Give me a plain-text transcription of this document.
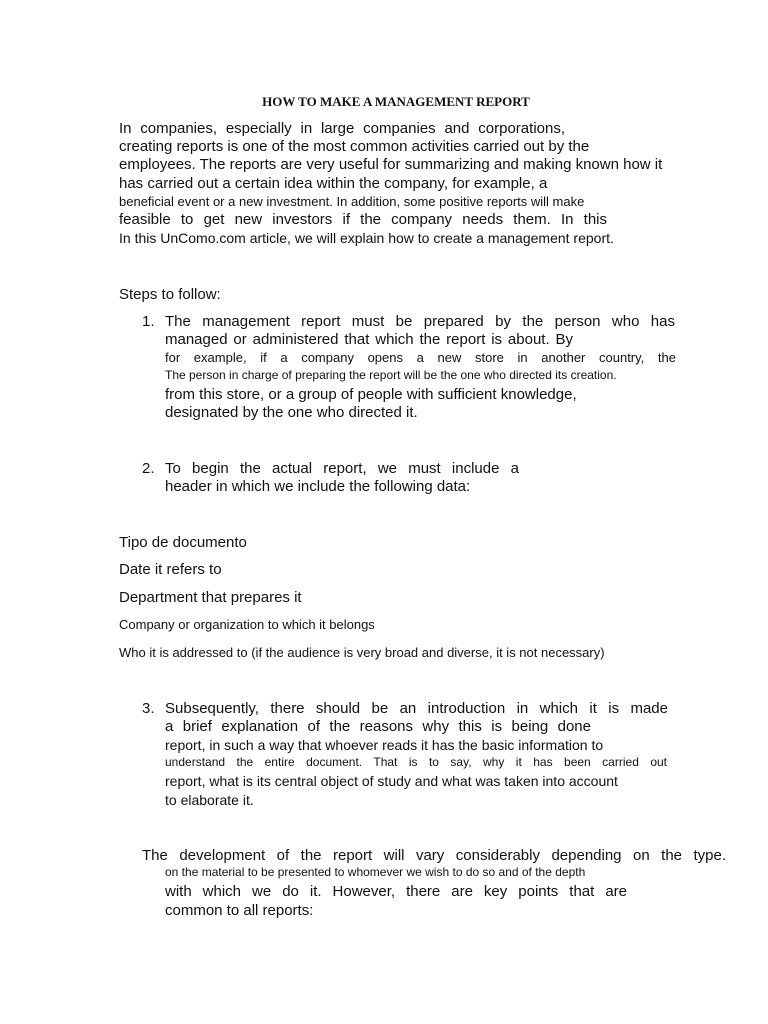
HOW TO MAKE A MANAGEMENT REPORT
In companies, especially in large companies and corporations,
creating reports is one of the most common activities carried out by the
employees. The reports are very useful for summarizing and making known how it
has carried out a certain idea within the company, for example, a
beneficial event or a new investment. In addition, some positive reports will make
feasible to get new investors if the company needs them. In this
In this UnComo.com article, we will explain how to create a management report.
Steps to follow:
1. The management report must be prepared by the person who has
managed or administered that which the report is about. By
for example, if a company opens a new store in another country, the
The person in charge of preparing the report will be the one who directed its creation.
from this store, or a group of people with sufficient knowledge,
designated by the one who directed it.
2. To begin the actual report, we must include a
header in which we include the following data:
Tipo de documento
Date it refers to
Department that prepares it
Company or organization to which it belongs
Who it is addressed to (if the audience is very broad and diverse, it is not necessary)
3. Subsequently, there should be an introduction in which it is made
a brief explanation of the reasons why this is being done
report, in such a way that whoever reads it has the basic information to
understand the entire document. That is to say, why it has been carried out
report, what is its central object of study and what was taken into account
to elaborate it.
The development of the report will vary considerably depending on the type.
on the material to be presented to whomever we wish to do so and of the depth
with which we do it. However, there are key points that are
common to all reports:
